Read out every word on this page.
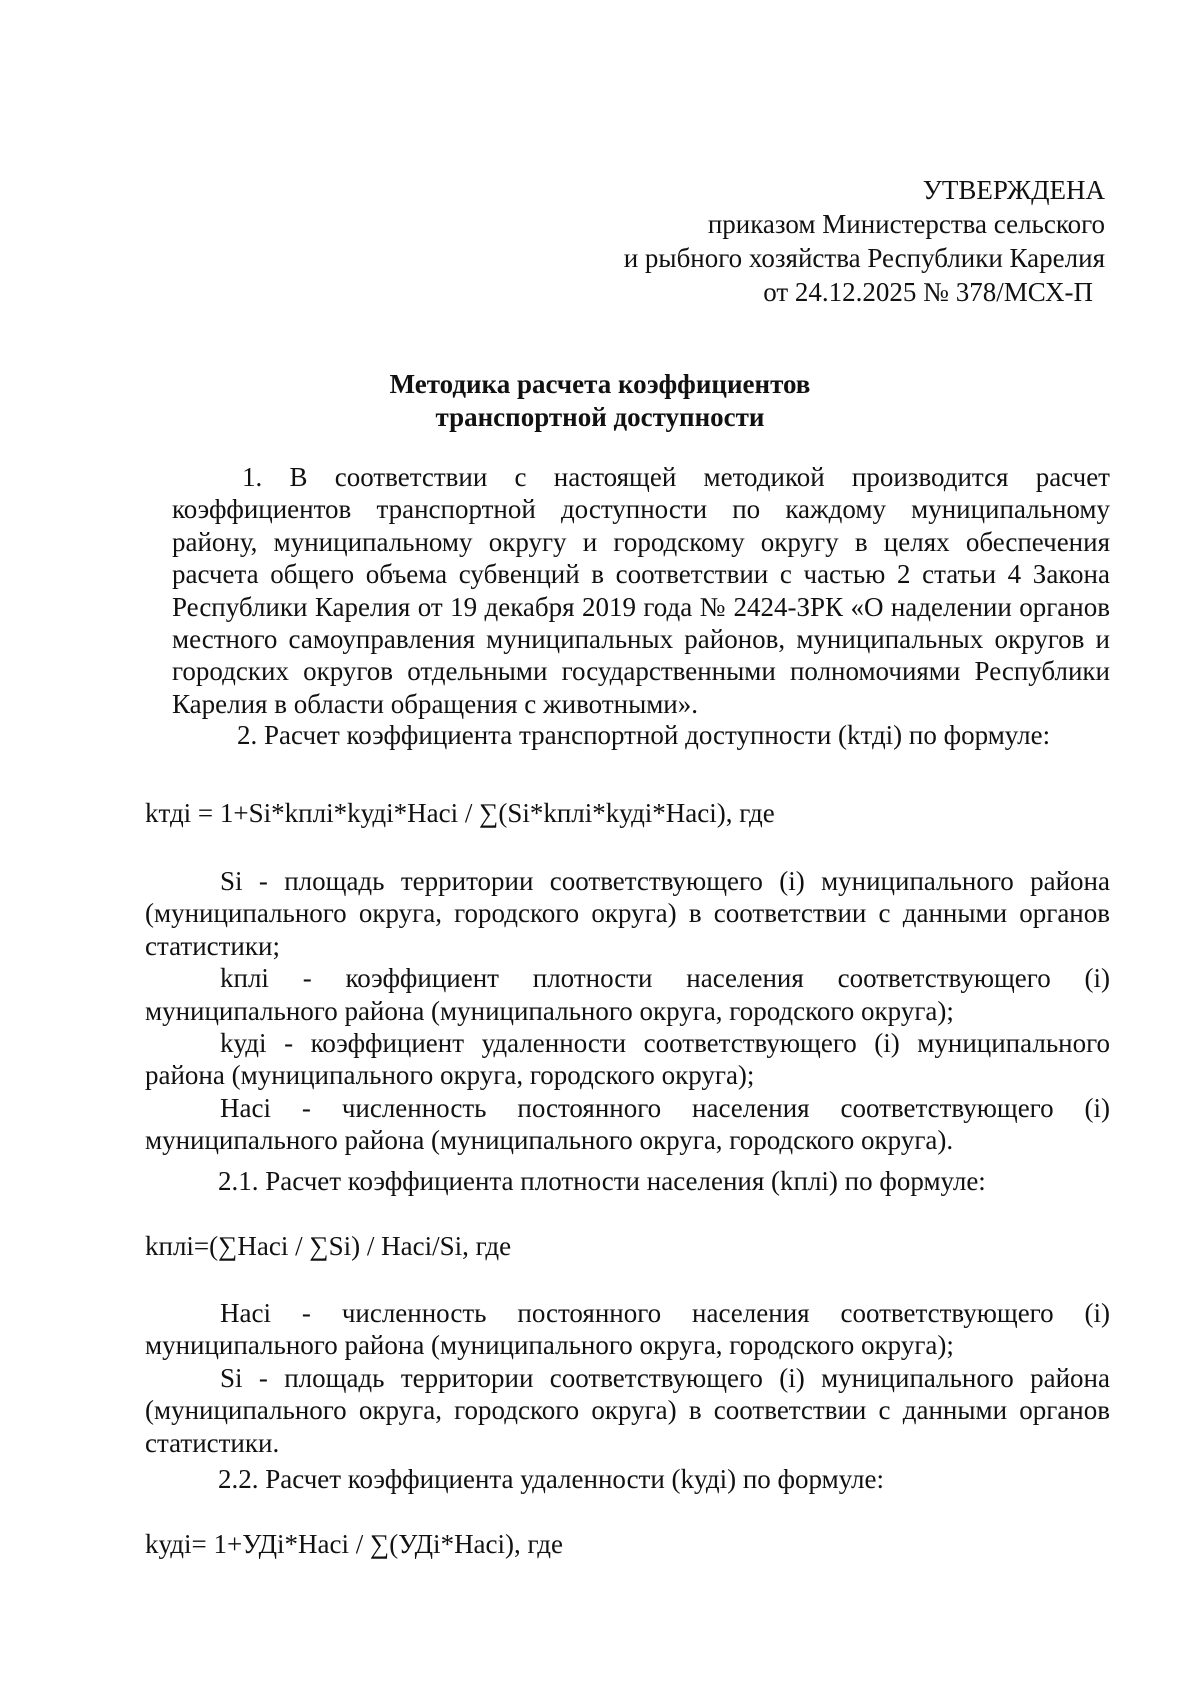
УТВЕРЖДЕНА
приказом Министерства сельского
и рыбного хозяйства Республики Карелия
от 24.12.2025 № 378/МСХ-П
Методика расчета коэффициентов
транспортной доступности

1. В соответствии с настоящей методикой производится расчет коэффициентов транспортной доступности по каждому муниципальному району, муниципальному округу и городскому округу в целях обеспечения расчета общего объема субвенций в соответствии с частью 2 статьи 4 Закона Республики Карелия от 19 декабря 2019 года № 2424-ЗРК «О наделении органов местного самоуправления муниципальных районов, муниципальных округов и городских округов отдельными государственными полномочиями Республики Карелия в области обращения с животными».

2. Расчет коэффициента транспортной доступности (kтдi) по формуле:
kтдi = 1+Si*kплi*kудi*Насi / ∑(Si*kплi*kудi*Насi), где

Si - площадь территории соответствующего (i) муниципального района (муниципального округа, городского округа) в соответствии с данными органов статистики;

kплi - коэффициент плотности населения соответствующего (i) муниципального района (муниципального округа, городского округа);

kудi - коэффициент удаленности соответствующего (i) муниципального района (муниципального округа, городского округа);

Насi - численность постоянного населения соответствующего (i) муниципального района (муниципального округа, городского округа).

2.1. Расчет коэффициента плотности населения (kплi) по формуле:
kплi=(∑Насi / ∑Si) / Насi/Si, где

Насi - численность постоянного населения соответствующего (i) муниципального района (муниципального округа, городского округа);

Si - площадь территории соответствующего (i) муниципального района (муниципального округа, городского округа) в соответствии с данными органов статистики.

2.2. Расчет коэффициента удаленности (kудi) по формуле:
kудi= 1+УДi*Насi / ∑(УДi*Насi), где
